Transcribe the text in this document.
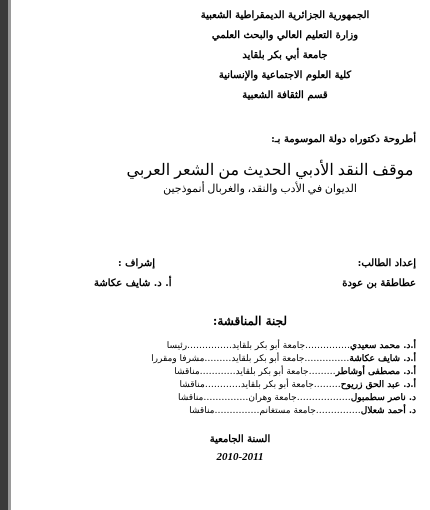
الجمهورية الجزائرية الديمقراطية الشعبية
وزارة التعليم العالي والبحث العلمي
جامعة أبي بكر بلقايد
كلية العلوم الاجتماعية والإنسانية
قسم الثقافة الشعبية
أطروحة دكتوراه دولة الموسومة بـ:
موقف النقد الأدبي الحديث من الشعر العربي
الديوان في الأدب والنقد، والغربال أنموذجين
إعداد الطالب:
عطاطقة بن عودة
إشراف :
أ. د. شايف عكاشة
لجنة المناقشة:
أ.د. محمد سعيدي
……………
جامعة أبو بكر بلقايد
……………
رئيسا
أ.د. شايف عكاشة
……………
جامعة أبو بكر بلقايد
………
مشرفا ومقررا
أ.د. مصطفى أوشاطر
………
جامعة أبو بكر بلقايد
…………
مناقشا
أ.د. عبد الحق زريوح
………
جامعة أبو بكر بلقايد
…………
مناقشا
د. ناصر سطمبول
………………
جامعة وهران
……………
مناقشا
د. أحمد شعلال
……………
جامعة مستغانم
……………
مناقشا
السنة الجامعية
2010-2011
